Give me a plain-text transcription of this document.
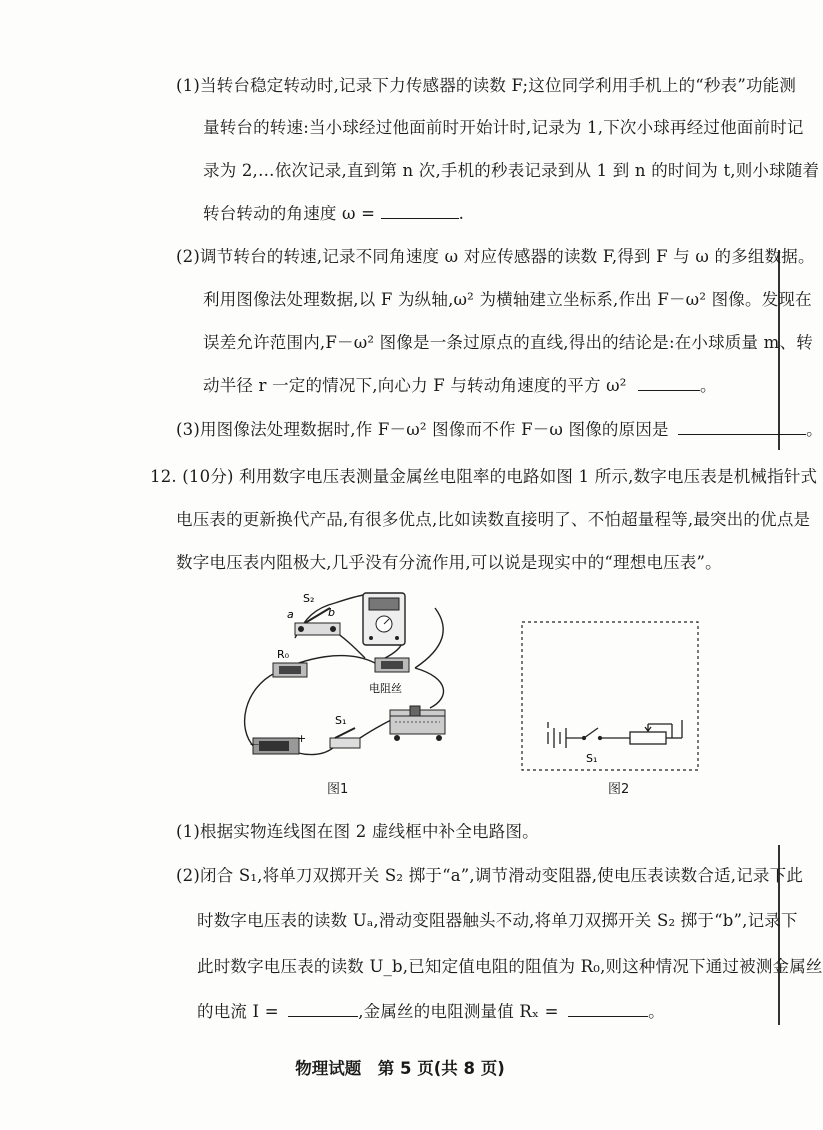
(1)当转台稳定转动时,记录下力传感器的读数 F;这位同学利用手机上的“秒表”功能测
量转台的转速:当小球经过他面前时开始计时,记录为 1,下次小球再经过他面前时记
录为 2,…依次记录,直到第 n 次,手机的秒表记录到从 1 到 n 的时间为 t,则小球随着
转台转动的角速度 ω =	.
(2)调节转台的转速,记录不同角速度 ω 对应传感器的读数 F,得到 F 与 ω 的多组数据。
利用图像法处理数据,以 F 为纵轴,ω² 为横轴建立坐标系,作出 F－ω² 图像。发现在
误差允许范围内,F－ω² 图像是一条过原点的直线,得出的结论是:在小球质量 m、转
动半径 r 一定的情况下,向心力 F 与转动角速度的平方 ω²	。
(3)用图像法处理数据时,作 F－ω² 图像而不作 F－ω 图像的原因是	。
12. (10分) 利用数字电压表测量金属丝电阻率的电路如图 1 所示,数字电压表是机械指针式
电压表的更新换代产品,有很多优点,比如读数直接明了、不怕超量程等,最突出的优点是
数字电压表内阻极大,几乎没有分流作用,可以说是现实中的“理想电压表”。
S₂
a	b
R₀
电阻丝
－	+
S₁
图1
S₁
图2
(1)根据实物连线图在图 2 虚线框中补全电路图。
(2)闭合 S₁,将单刀双掷开关 S₂ 掷于“a”,调节滑动变阻器,使电压表读数合适,记录下此
时数字电压表的读数 Uₐ,滑动变阻器触头不动,将单刀双掷开关 S₂ 掷于“b”,记录下
此时数字电压表的读数 U_b,已知定值电阻的阻值为 R₀,则这种情况下通过被测金属丝
的电流 I =	,金属丝的电阻测量值 Rₓ =	。
物理试题　第 5 页(共 8 页)
